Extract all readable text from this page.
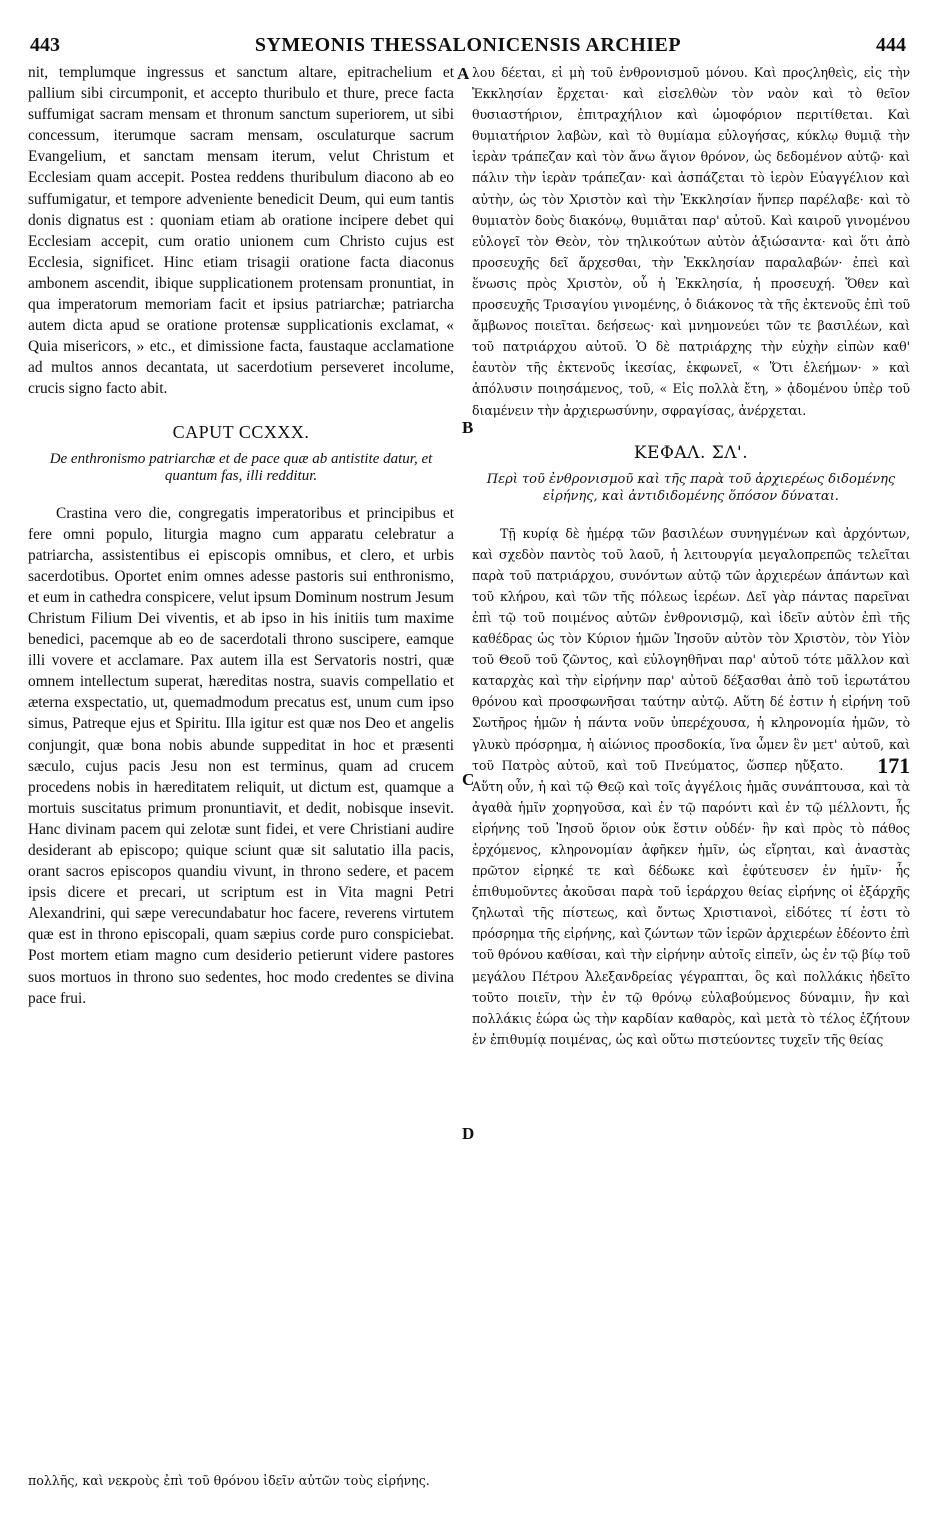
443	SYMEONIS THESSALONICENSIS ARCHIEP	444

nit, templumque ingressus et sanctum altare, epitrachelium et pallium sibi circumponit, et accepto thuribulo et thure, prece facta suffumigat sacram mensam et thronum sanctum superiorem, ut sibi concessum, iterumque sacram mensam, osculaturque sacrum Evangelium, et sanctam mensam iterum, velut Christum et Ecclesiam quam accepit. Postea reddens thuribulum diacono ab eo suffumigatur, et tempore adveniente benedicit Deum, qui eum tantis donis dignatus est : quoniam etiam ab oratione incipere debet qui Ecclesiam accepit, cum oratio unionem cum Christo cujus est Ecclesia, significet. Hinc etiam trisagii oratione facta diaconus ambonem ascendit, ibique supplicationem protensam pronuntiat, in qua imperatorum memoriam facit et ipsius patriarchæ; patriarcha autem dicta apud se oratione protensæ supplicationis exclamat, « Quia misericors, » etc., et dimissione facta, faustaque acclamatione ad multos annos decantata, ut sacerdotium perseveret incolume, crucis signo facto abit.

CAPUT CCXXX.
De enthronismo patriarchæ et de pace quæ ab antistite datur, et quantum fas, illi redditur.

Crastina vero die, congregatis imperatoribus et principibus et fere omni populo, liturgia magno cum apparatu celebratur a patriarcha, assistentibus ei episcopis omnibus, et clero, et urbis sacerdotibus. Oportet enim omnes adesse pastoris sui enthronismo, et eum in cathedra conspicere, velut ipsum Dominum nostrum Jesum Christum Filium Dei viventis, et ab ipso in his initiis tum maxime benedici, pacemque ab eo de sacerdotali throno suscipere, eamque illi vovere et acclamare. Pax autem illa est Servatoris nostri, quæ omnem intellectum superat, hæreditas nostra, suavis compellatio et æterna exspectatio, ut, quemadmodum precatus est, unum cum ipso simus, Patreque ejus et Spiritu. Illa igitur est quæ nos Deo et angelis conjungit, quæ bona nobis abunde suppeditat in hoc et præsenti sæculo, cujus pacis Jesu non est terminus, quam ad crucem procedens nobis in hæreditatem reliquit, ut dictum est, quamque a mortuis suscitatus primum pronuntiavit, et dedit, nobisque insevit. Hanc divinam pacem qui zelotæ sunt fidei, et vere Christiani audire desiderant ab episcopo; quique sciunt quæ sit salutatio illa pacis, orant sacros episcopos quandiu vivunt, in throno sedere, et pacem ipsis dicere et precari, ut scriptum est in Vita magni Petri Alexandrini, qui sæpe verecundabatur hoc facere, reverens virtutem quæ est in throno episcopali, quam sæpius corde puro conspiciebat. Post mortem etiam magno cum desiderio petierunt videre pastores suos mortuos in throno suo sedentes, hoc modo credentes se divina pace frui.

A
B
C
D

λου δέεται, εἰ μὴ τοῦ ἐνθρονισμοῦ μόνου. Καὶ προϛληθεὶς, εἰς τὴν Ἐκκλησίαν ἔρχεται· καὶ εἰσελθὼν τὸν ναὸν καὶ τὸ θεῖον θυσιαστήριον, ἐπιτραχήλιον καὶ ὠμοφόριον περιτίθεται. Καὶ θυμιατήριον λαβὼν, καὶ τὸ θυμίαμα εὐλογήσας, κύκλῳ θυμιᾷ τὴν ἱερὰν τράπεζαν καὶ τὸν ἄνω ἅγιον θρόνον, ὡς δεδομένον αὐτῷ· καὶ πάλιν τὴν ἱερὰν τράπεζαν· καὶ ἀσπάζεται τὸ ἱερὸν Εὐαγγέλιον καὶ αὐτὴν, ὡς τὸν Χριστὸν καὶ τὴν Ἐκκλησίαν ἥνπερ παρέλαβε· καὶ τὸ θυμιατὸν δοὺς διακόνῳ, θυμιᾶται παρ' αὐτοῦ. Καὶ καιροῦ γινομένου εὐλογεῖ τὸν Θεὸν, τὸν τηλικούτων αὐτὸν ἀξιώσαντα· καὶ ὅτι ἀπὸ προσευχῆς δεῖ ἄρχεσθαι, τὴν Ἐκκλησίαν παραλαβών· ἐπεὶ καὶ ἕνωσις πρὸς Χριστὸν, οὗ ἡ Ἐκκλησία, ἡ προσευχή. Ὅθεν καὶ προσευχῆς Τρισαγίου γινομένης, ὁ διάκονος τὰ τῆς ἐκτενοῦς ἐπὶ τοῦ ἄμβωνος ποιεῖται. δεήσεως· καὶ μνημονεύει τῶν τε βασιλέων, καὶ τοῦ πατριάρχου αὐτοῦ. Ὁ δὲ πατριάρχης τὴν εὐχὴν εἰπὼν καθ' ἑαυτὸν τῆς ἐκτενοῦς ἱκεσίας, ἐκφωνεῖ, « Ὅτι ἐλεήμων· » καὶ ἀπόλυσιν ποιησάμενος, τοῦ, « Εἰς πολλὰ ἔτη, » ᾀδομένου ὑπὲρ τοῦ διαμένειν τὴν ἀρχιερωσύνην, σφραγίσας, ἀνέρχεται.

ΚΕΦΑΛ. ΣΛ'.
Περὶ τοῦ ἐνθρονισμοῦ καὶ τῆς παρὰ τοῦ ἀρχιερέως διδομένης εἰρήνης, καὶ ἀντιδιδομένης ὅπόσον δύναται.

Τῇ κυρίᾳ δὲ ἡμέρᾳ τῶν βασιλέων συνηγμένων καὶ ἀρχόντων, καὶ σχεδὸν παντὸς τοῦ λαοῦ, ἡ λειτουργία μεγαλοπρεπῶς τελεῖται παρὰ τοῦ πατριάρχου, συνόντων αὐτῷ τῶν ἀρχιερέων ἁπάντων καὶ τοῦ κλήρου, καὶ τῶν τῆς πόλεως ἱερέων. Δεῖ γὰρ πάντας παρεῖναι ἐπὶ τῷ τοῦ ποιμένος αὐτῶν ἐνθρονισμῷ, καὶ ἰδεῖν αὐτὸν ἐπὶ τῆς καθέδρας ὡς τὸν Κύριον ἡμῶν Ἰησοῦν αὐτὸν τὸν Χριστὸν, τὸν Υἱὸν τοῦ Θεοῦ τοῦ ζῶντος, καὶ εὐλογηθῆναι παρ' αὐτοῦ τότε μᾶλλον καὶ καταρχὰς καὶ τὴν εἰρήνην παρ' αὐτοῦ δέξασθαι ἀπὸ τοῦ ἱερωτάτου θρόνου καὶ προσφωνῆσαι ταύτην αὐτῷ. Αὕτη δέ ἐστιν ἡ εἰρήνη τοῦ Σωτῆρος ἡμῶν ἡ πάντα νοῦν ὑπερέχουσα, ἡ κληρονομία ἡμῶν, τὸ γλυκὺ πρόσρημα, ἡ αἰώνιος προσδοκία, ἵνα ὦμεν ἓν μετ' αὐτοῦ, καὶ τοῦ	171
Πατρὸς αὐτοῦ, καὶ τοῦ Πνεύματος, ὥσπερ ηὔξατο. Αὕτη οὖν, ἡ καὶ τῷ Θεῷ καὶ τοῖς ἀγγέλοις ἡμᾶς συνάπτουσα, καὶ τὰ ἀγαθὰ ἡμῖν χορηγοῦσα, καὶ ἐν τῷ παρόντι καὶ ἐν τῷ μέλλοντι, ἧς εἰρήνης τοῦ Ἰησοῦ ὅριον οὐκ ἔστιν οὐδέν· ἣν καὶ πρὸς τὸ πάθος ἐρχόμενος, κληρονομίαν ἀφῆκεν ἡμῖν, ὡς εἴρηται, καὶ ἀναστὰς πρῶτον εἰρηκέ τε καὶ δέδωκε καὶ ἐφύτευσεν ἐν ἡμῖν· ἧς ἐπιθυμοῦντες ἀκοῦσαι παρὰ τοῦ ἱεράρχου θείας εἰρήνης οἱ ἐξάρχῆς ζηλωταὶ τῆς πίστεως, καὶ ὄντως Χριστιανοὶ, εἰδότες τί ἐστι τὸ πρόσρημα τῆς εἰρήνης, καὶ ζώντων τῶν ἱερῶν ἀρχιερέων ἐδέοντο ἐπὶ τοῦ θρόνου καθίσαι, καὶ τὴν εἰρήνην αὐτοῖς εἰπεῖν, ὡς ἐν τῷ βίῳ τοῦ μεγάλου Πέτρου Ἀλεξανδρείας γέγραπται, ὃς καὶ πολλάκις ἠδεῖτο τοῦτο ποιεῖν, τὴν ἐν τῷ θρόνῳ εὐλαβούμενος δύναμιν, ἣν καὶ πολλάκις ἑώρα ὡς τὴν καρδίαν καθαρὸς, καὶ μετὰ τὸ τέλος ἐζήτουν ἐν ἐπιθυμίᾳ ποιμένας, ὡς καὶ οὕτω πιστεύοντες τυχεῖν τῆς θείας

πολλῆς, καὶ νεκροὺς ἐπὶ τοῦ θρόνου ἰδεῖν αὐτῶν τοὺς εἰρήνης.
